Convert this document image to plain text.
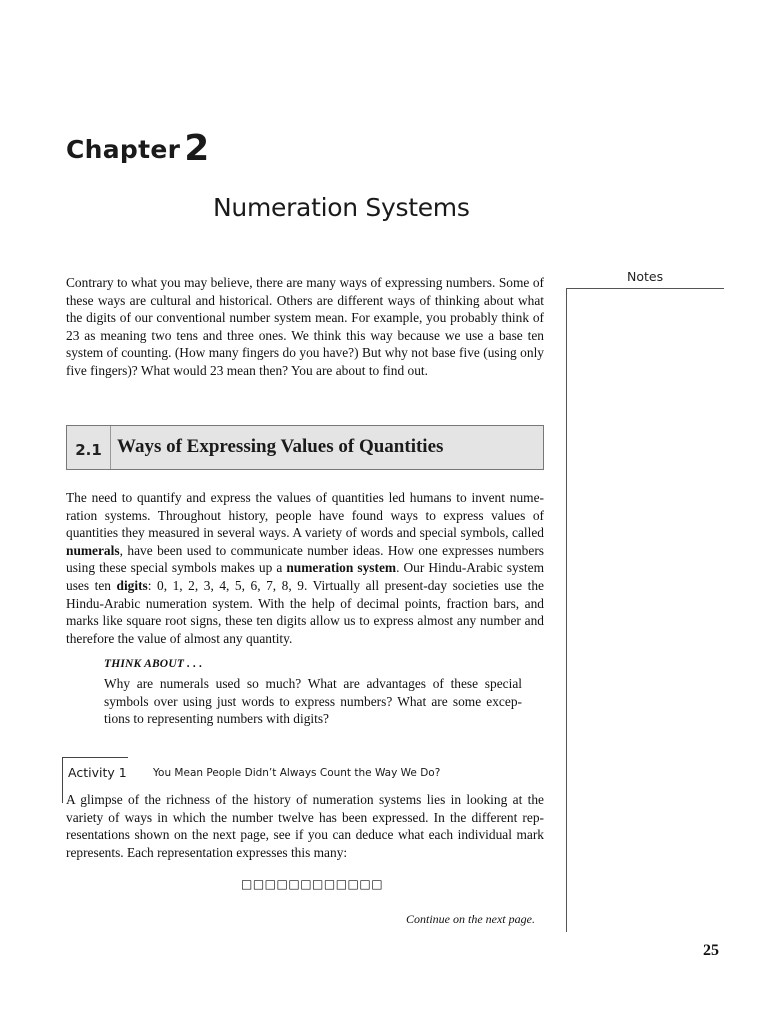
Chapter 2
Numeration Systems
Notes

Contrary to what you may believe, there are many ways of expressing numbers. Some of these ways are cultural and historical. Others are different ways of thinking about what the digits of our conventional number system mean. For example, you probably think of 23 as meaning two tens and three ones. We think this way because we use a base ten system of counting. (How many fingers do you have?) But why not base five (using only five fingers)? What would 23 mean then? You are about to find out.

2.1 Ways of Expressing Values of Quantities

The need to quantify and express the values of quantities led humans to invent numeration systems. Throughout history, people have found ways to express values of quantities they measured in several ways. A variety of words and special symbols, called numerals, have been used to communicate number ideas. How one expresses numbers using these special symbols makes up a numeration system. Our Hindu-Arabic system uses ten digits: 0, 1, 2, 3, 4, 5, 6, 7, 8, 9. Virtually all present-day societies use the Hindu-Arabic numeration system. With the help of decimal points, fraction bars, and marks like square root signs, these ten digits allow us to express almost any number and therefore the value of almost any quantity.

THINK ABOUT . . .
Why are numerals used so much? What are advantages of these special symbols over using just words to express numbers? What are some exceptions to representing numbers with digits?
Activity 1	You Mean People Didn’t Always Count the Way We Do?

A glimpse of the richness of the history of numeration systems lies in looking at the variety of ways in which the number twelve has been expressed. In the different representations shown on the next page, see if you can deduce what each individual mark represents. Each representation expresses this many:

□□□□□□□□□□□□
Continue on the next page.
25
